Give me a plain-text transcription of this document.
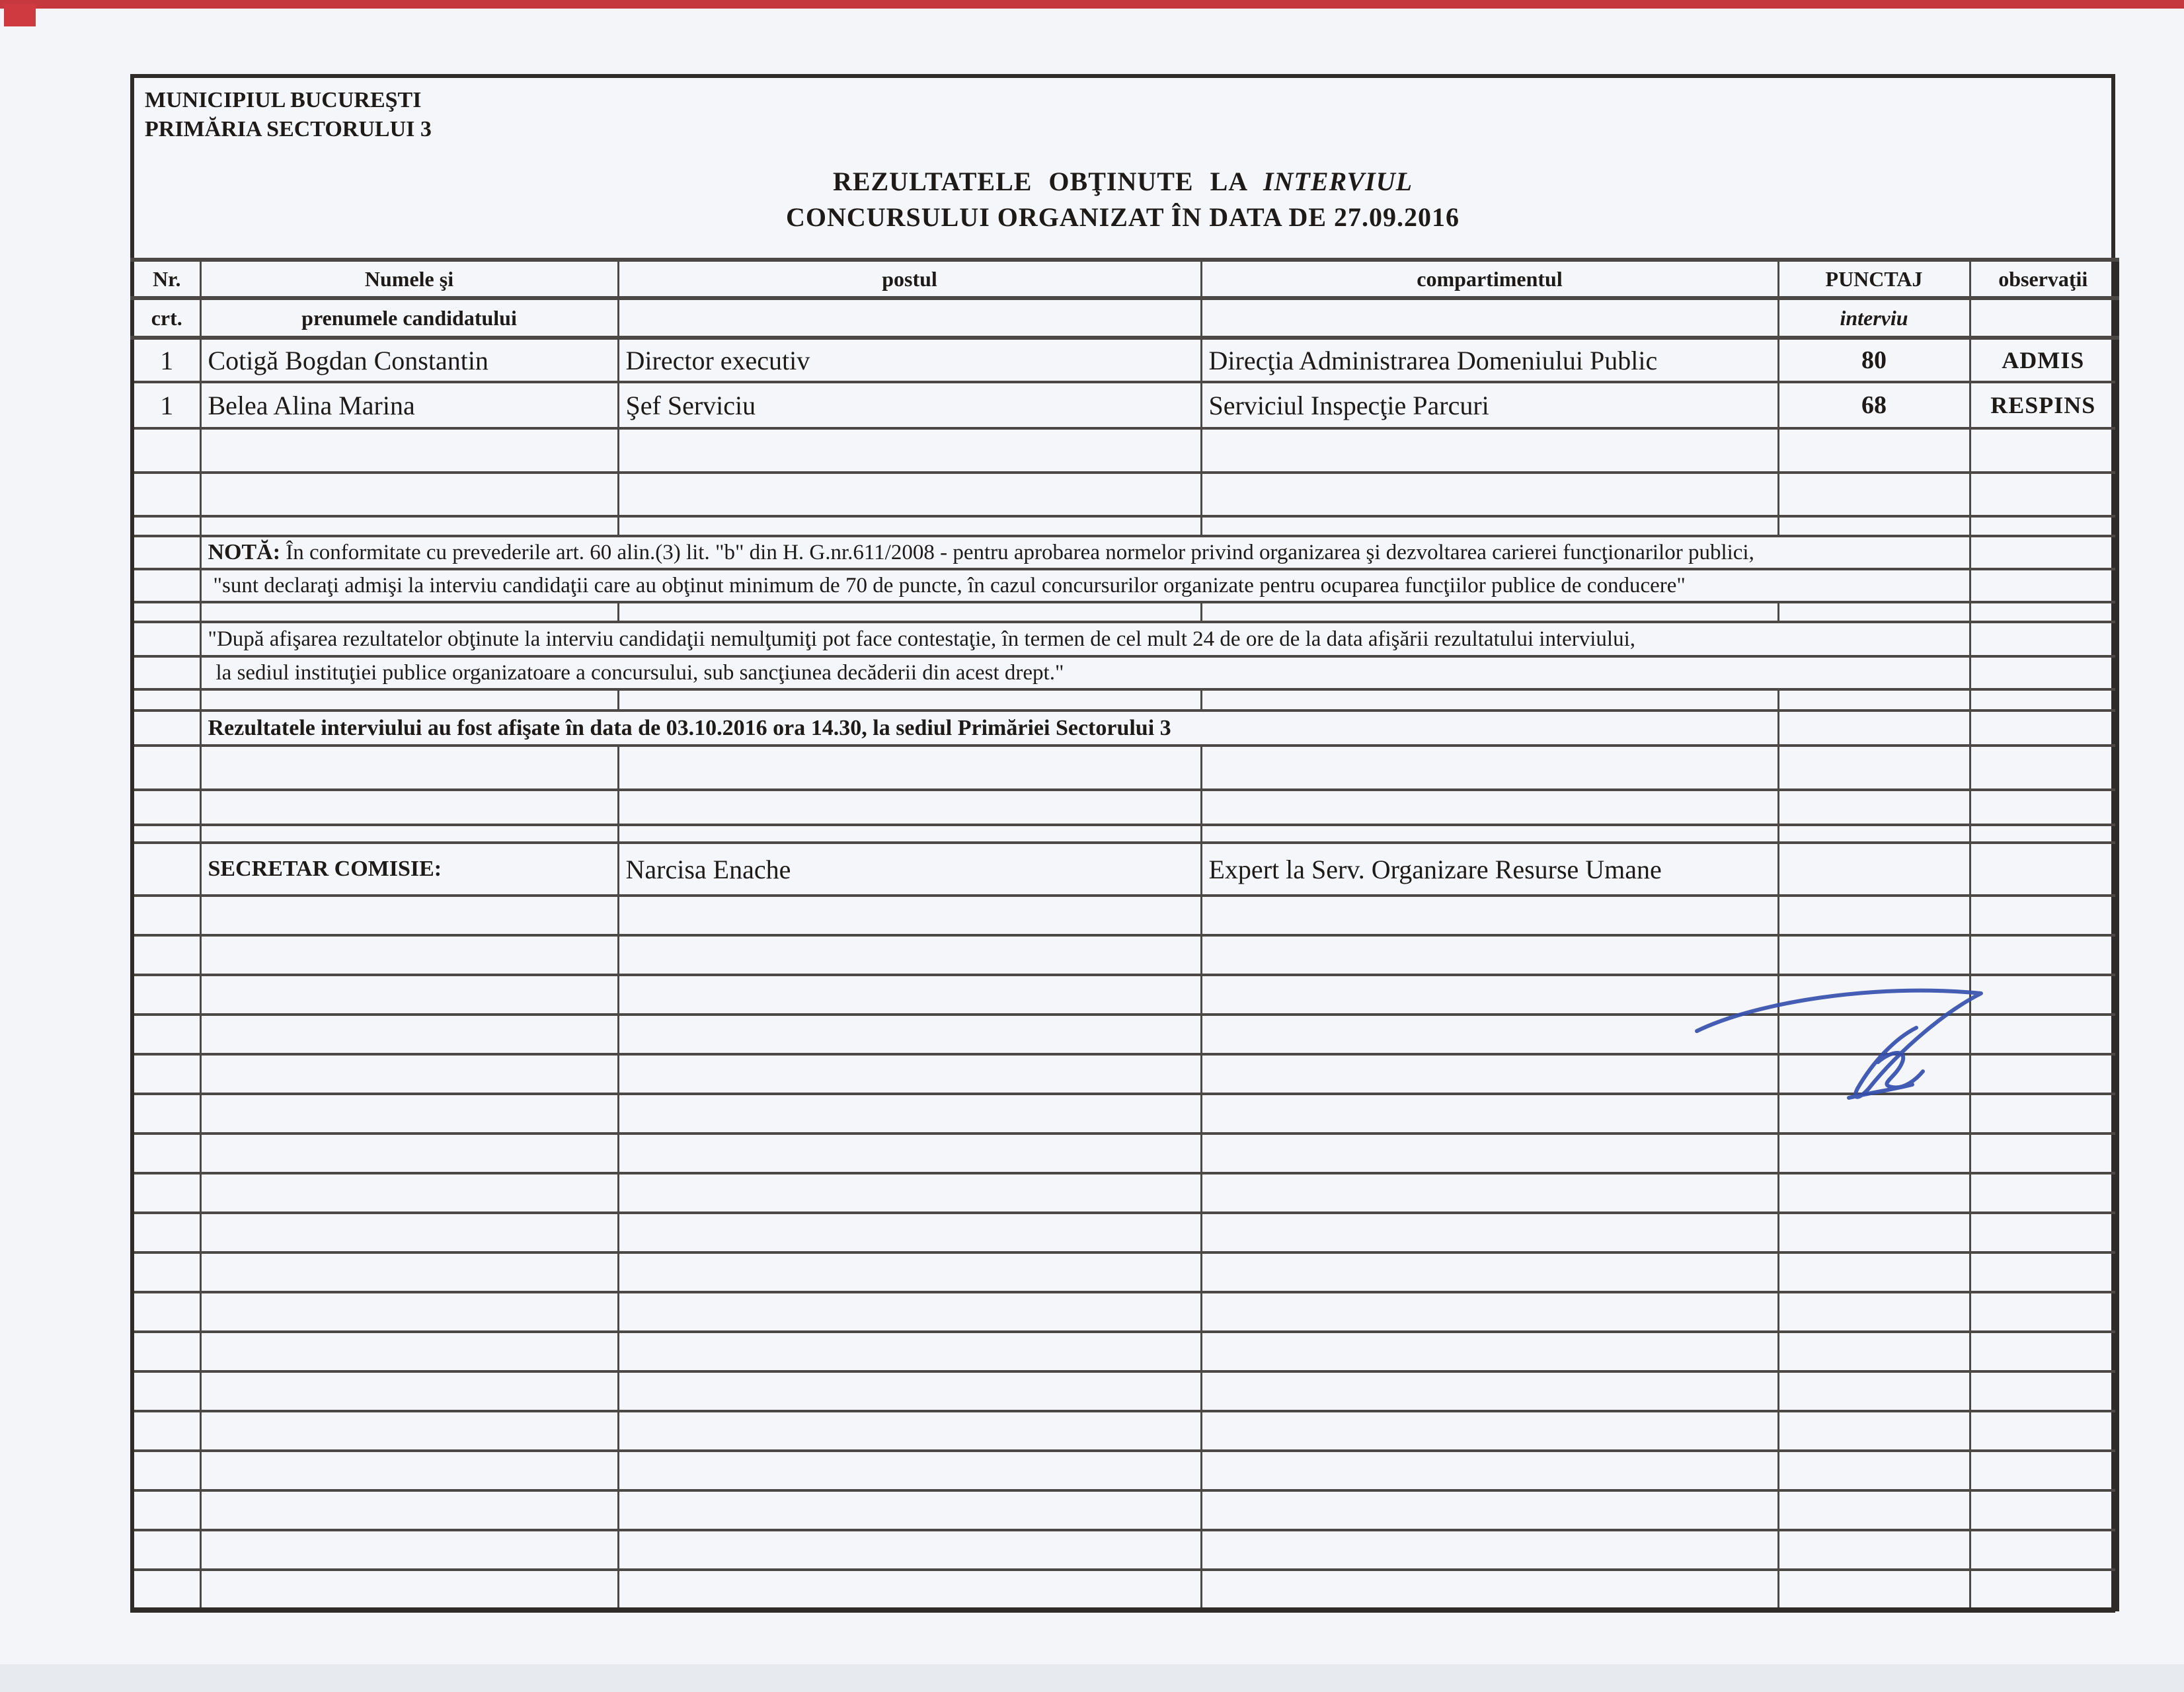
MUNICIPIUL BUCUREŞTI
PRIMĂRIA SECTORULUI 3
REZULTATELE OBŢINUTE LA INTERVIUL
CONCURSULUI ORGANIZAT ÎN DATA DE 27.09.2016
Nr.	Numele şi	postul	compartimentul	PUNCTAJ	observaţii
crt.	prenumele candidatului			interviu	
1	Cotigă Bogdan Constantin	Director executiv	Direcţia Administrarea Domeniului Public	80	ADMIS
1	Belea Alina Marina	Şef Serviciu	Serviciul Inspecţie Parcuri	68	RESPINS

	NOTĂ: În conformitate cu prevederile art. 60 alin.(3) lit. "b" din H. G.nr.611/2008 - pentru aprobarea normelor privind organizarea şi dezvoltarea carierei funcţionarilor publici,				
	"sunt declaraţi admişi la interviu candidaţii care au obţinut minimum de 70 de puncte, în cazul concursurilor organizate pentru ocuparea funcţiilor publice de conducere"				

	"După afişarea rezultatelor obţinute la interviu candidaţii nemulţumiţi pot face contestaţie, în termen de cel mult 24 de ore de la data afişării rezultatului interviului,				
	la sediul instituţiei publice organizatoare a concursului, sub sancţiunea decăderii din acest drept."				

	Rezultatele interviului au fost afişate în data de 03.10.2016 ora 14.30, la sediul Primăriei Sectorului 3				

	SECRETAR COMISIE:	Narcisa Enache	Expert la Serv. Organizare Resurse Umane		
